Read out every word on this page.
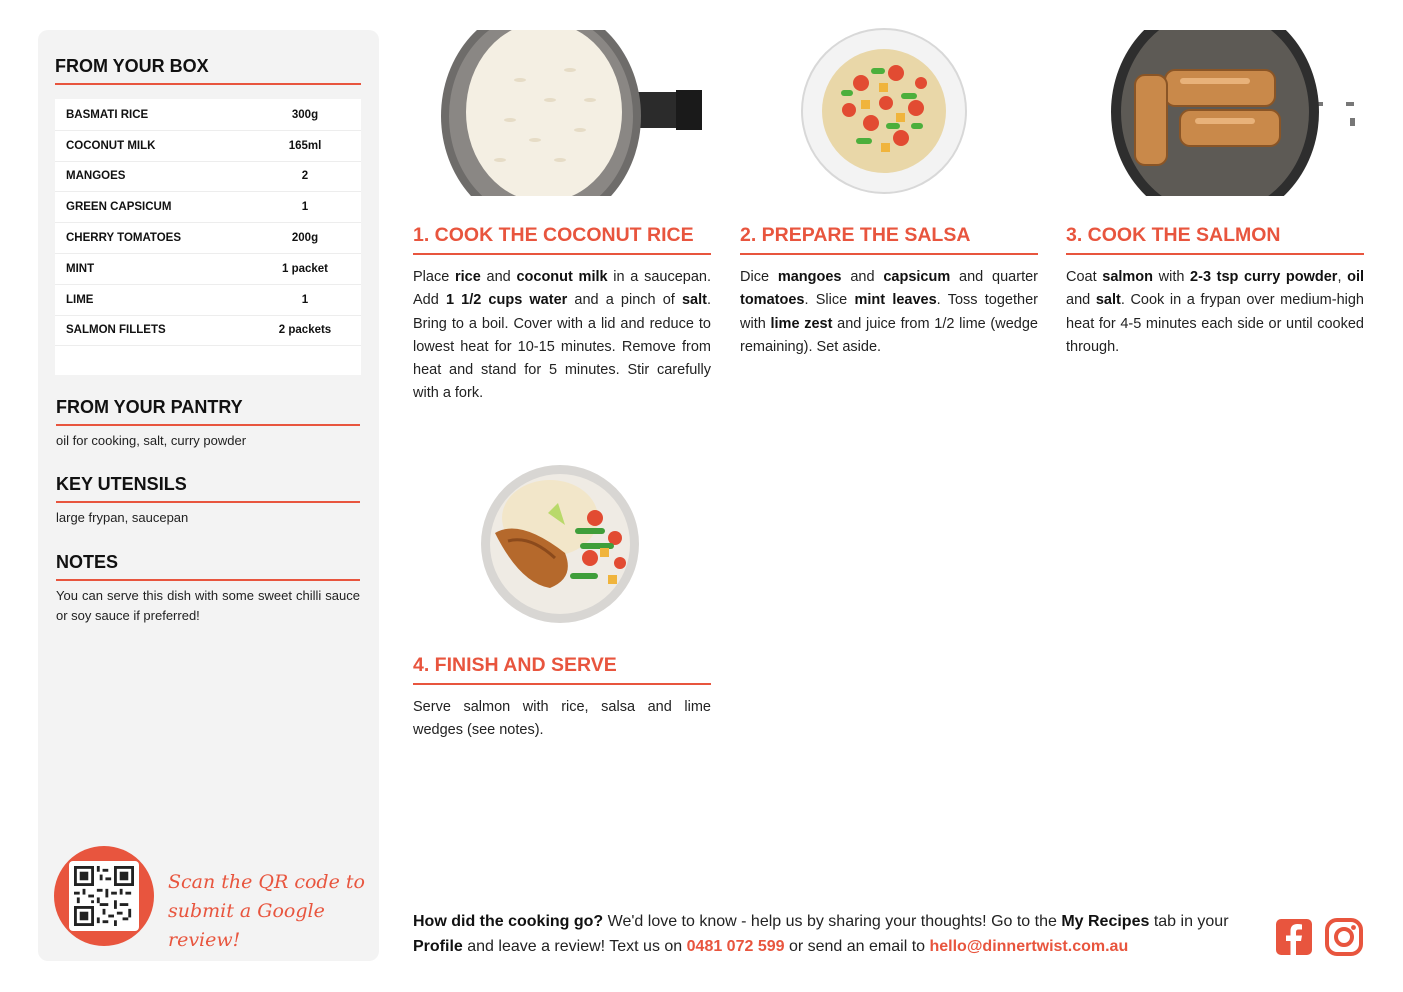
FROM YOUR BOX
BASMATI RICE	300g
COCONUT MILK	165ml
MANGOES	2
GREEN CAPSICUM	1
CHERRY TOMATOES	200g
MINT	1 packet
LIME	1
SALMON FILLETS	2 packets
FROM YOUR PANTRY
oil for cooking, salt, curry powder
KEY UTENSILS
large frypan, saucepan
NOTES
You can serve this dish with some sweet chilli sauce or soy sauce if preferred!
Scan the QR code to
submit a Google review!
1. COOK THE COCONUT RICE
Place rice and coconut milk in a saucepan. Add 1 1/2 cups water and a pinch of salt. Bring to a boil. Cover with a lid and reduce to lowest heat for 10-15 minutes. Remove from heat and stand for 5 minutes. Stir carefully with a fork.
2. PREPARE THE SALSA
Dice mangoes and capsicum and quarter tomatoes. Slice mint leaves. Toss together with lime zest and juice from 1/2 lime (wedge remaining). Set aside.
3. COOK THE SALMON
Coat salmon with 2-3 tsp curry powder, oil and salt. Cook in a frypan over medium-high heat for 4-5 minutes each side or until cooked through.
4. FINISH AND SERVE
Serve salmon with rice, salsa and lime wedges (see notes).
How did the cooking go? We'd love to know - help us by sharing your thoughts! Go to the My Recipes tab in your Profile and leave a review! Text us on 0481 072 599 or send an email to hello@dinnertwist.com.au
